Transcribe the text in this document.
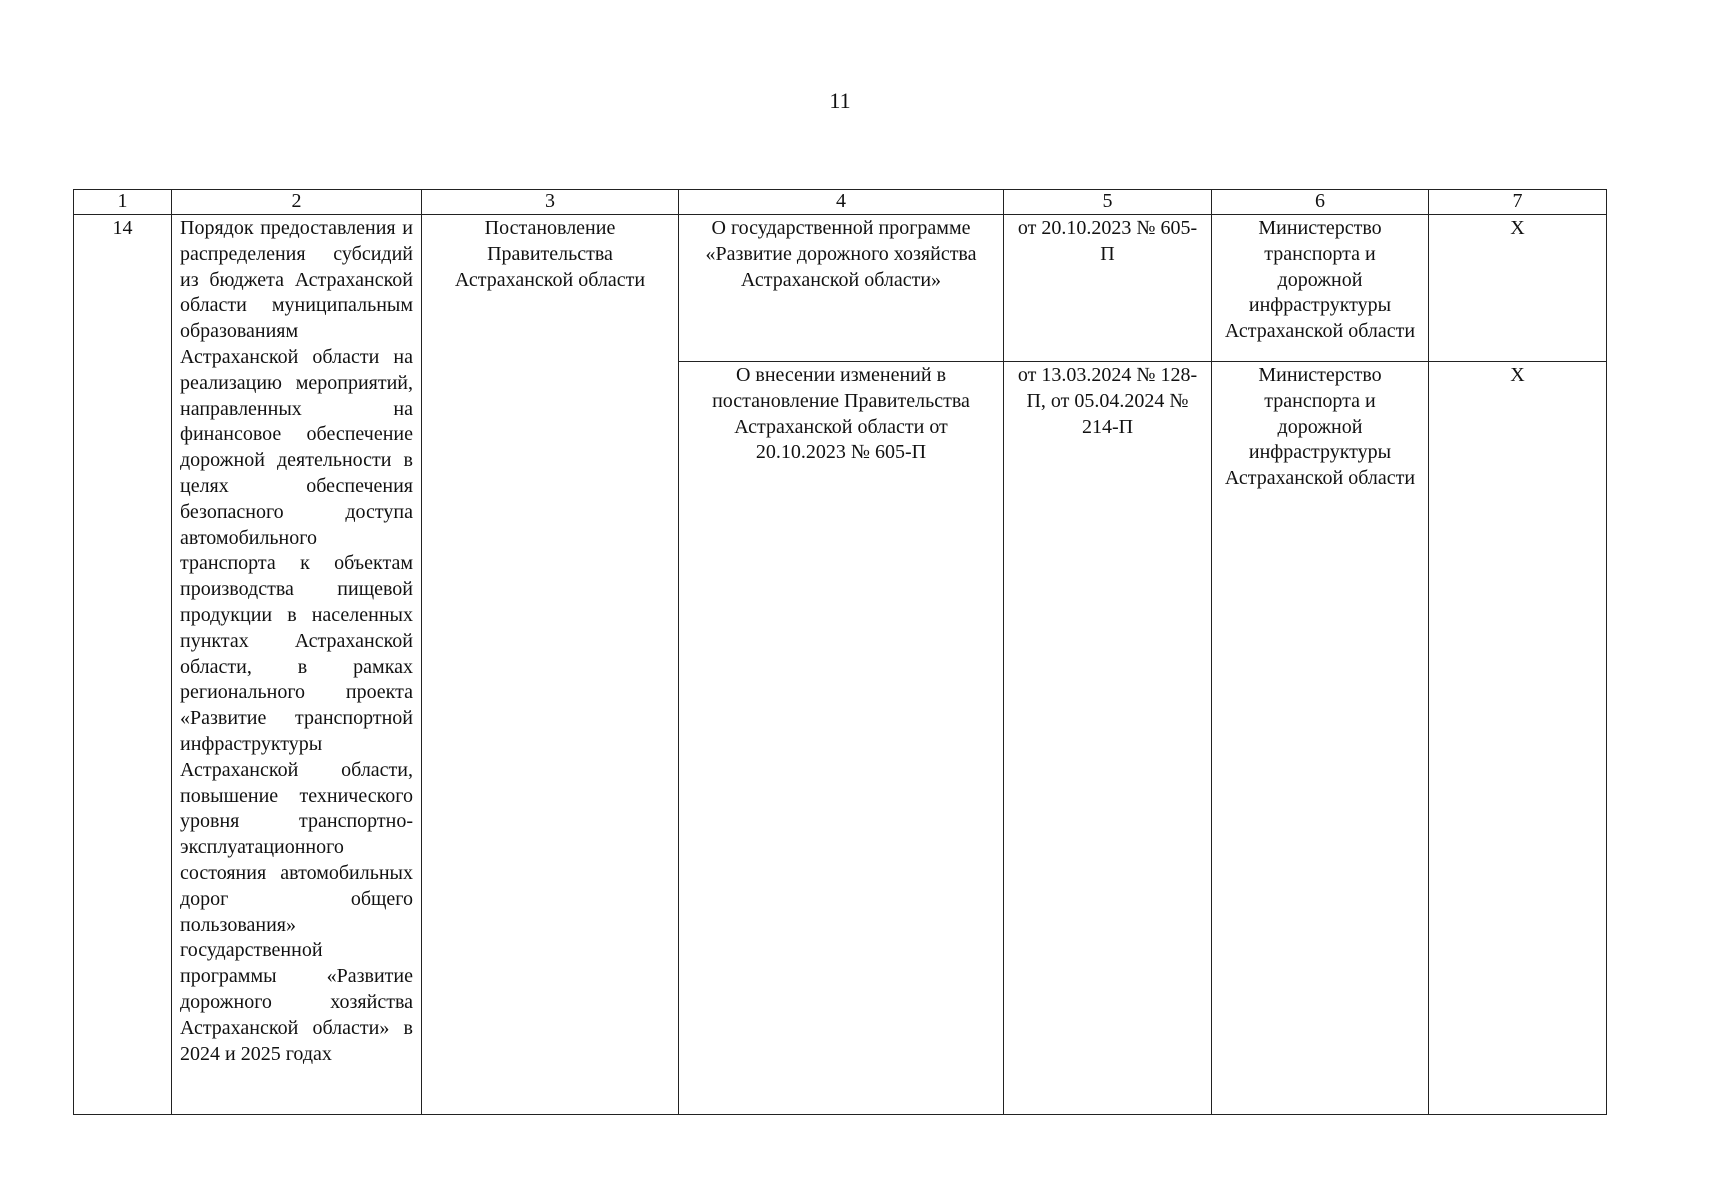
11
1	2	3	4	5	6	7
14	Порядок предоставления и распределения субсидий из бюджета Астраханской области муниципальным образованиям Астраханской области на реализацию мероприятий, направленных на финансовое обеспечение дорожной деятельности в целях обеспечения безопасного доступа автомобильного транспорта к объектам производства пищевой продукции в населенных пунктах Астраханской области, в рамках регионального проекта «Развитие транспортной инфраструктуры Астраханской области, повышение технического уровня транспортно-эксплуатационного состояния автомобильных дорог общего пользования» государственной программы «Развитие дорожного хозяйства Астраханской области» в 2024 и 2025 годах	Постановление Правительства Астраханской области	О государственной программе «Развитие дорожного хозяйства Астраханской области»	от 20.10.2023 № 605-П	Министерство транспорта и дорожной инфраструктуры Астраханской области	X
			О внесении изменений в постановление Правительства Астраханской области от 20.10.2023 № 605-П	от 13.03.2024 № 128-П, от 05.04.2024 № 214-П	Министерство транспорта и дорожной инфраструктуры Астраханской области	X
